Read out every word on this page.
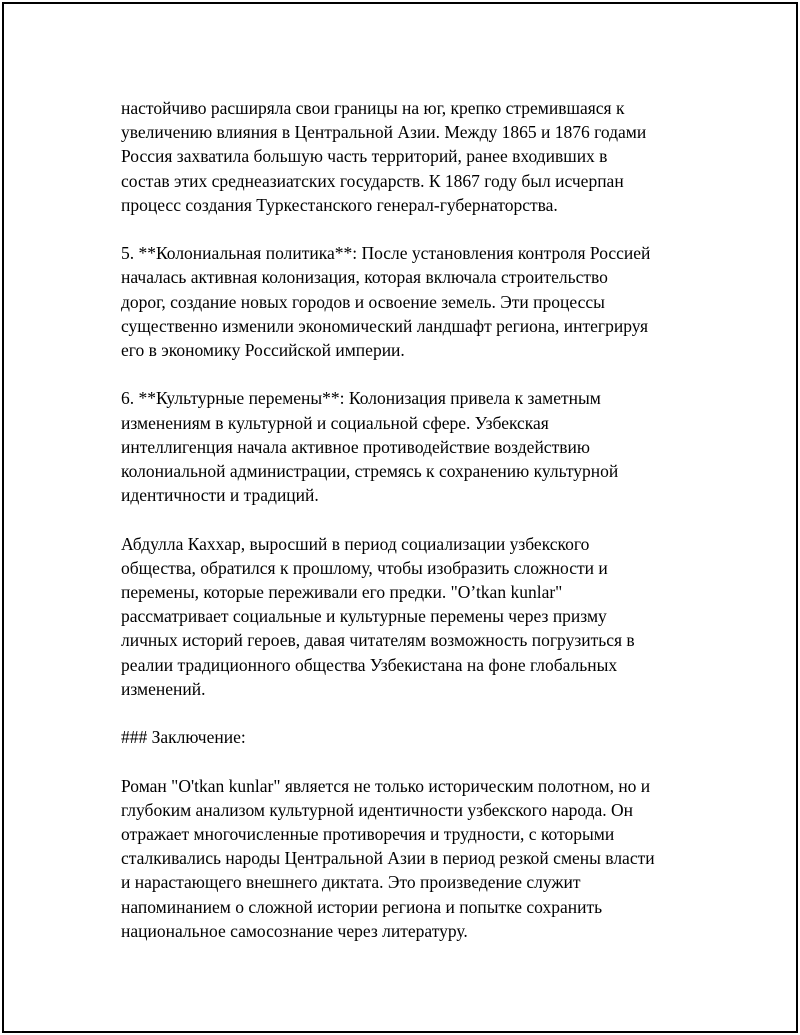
настойчиво расширяла свои границы на юг, крепко стремившаяся к
увеличению влияния в Центральной Азии. Между 1865 и 1876 годами
Россия захватила большую часть территорий, ранее входивших в
состав этих среднеазиатских государств. К 1867 году был исчерпан
процесс создания Туркестанского генерал-губернаторства.

5. **Колониальная политика**: После установления контроля Россией
началась активная колонизация, которая включала строительство
дорог, создание новых городов и освоение земель. Эти процессы
существенно изменили экономический ландшафт региона, интегрируя
его в экономику Российской империи.

6. **Культурные перемены**: Колонизация привела к заметным
изменениям в культурной и социальной сфере. Узбекская
интеллигенция начала активное противодействие воздействию
колониальной администрации, стремясь к сохранению культурной
идентичности и традиций.

Абдулла Каххар, выросший в период социализации узбекского
общества, обратился к прошлому, чтобы изобразить сложности и
перемены, которые переживали его предки. "O’tkan kunlar"
рассматривает социальные и культурные перемены через призму
личных историй героев, давая читателям возможность погрузиться в
реалии традиционного общества Узбекистана на фоне глобальных
изменений.

### Заключение:

Роман "O'tkan kunlar" является не только историческим полотном, но и
глубоким анализом культурной идентичности узбекского народа. Он
отражает многочисленные противоречия и трудности, с которыми
сталкивались народы Центральной Азии в период резкой смены власти
и нарастающего внешнего диктата. Это произведение служит
напоминанием о сложной истории региона и попытке сохранить
национальное самосознание через литературу.
